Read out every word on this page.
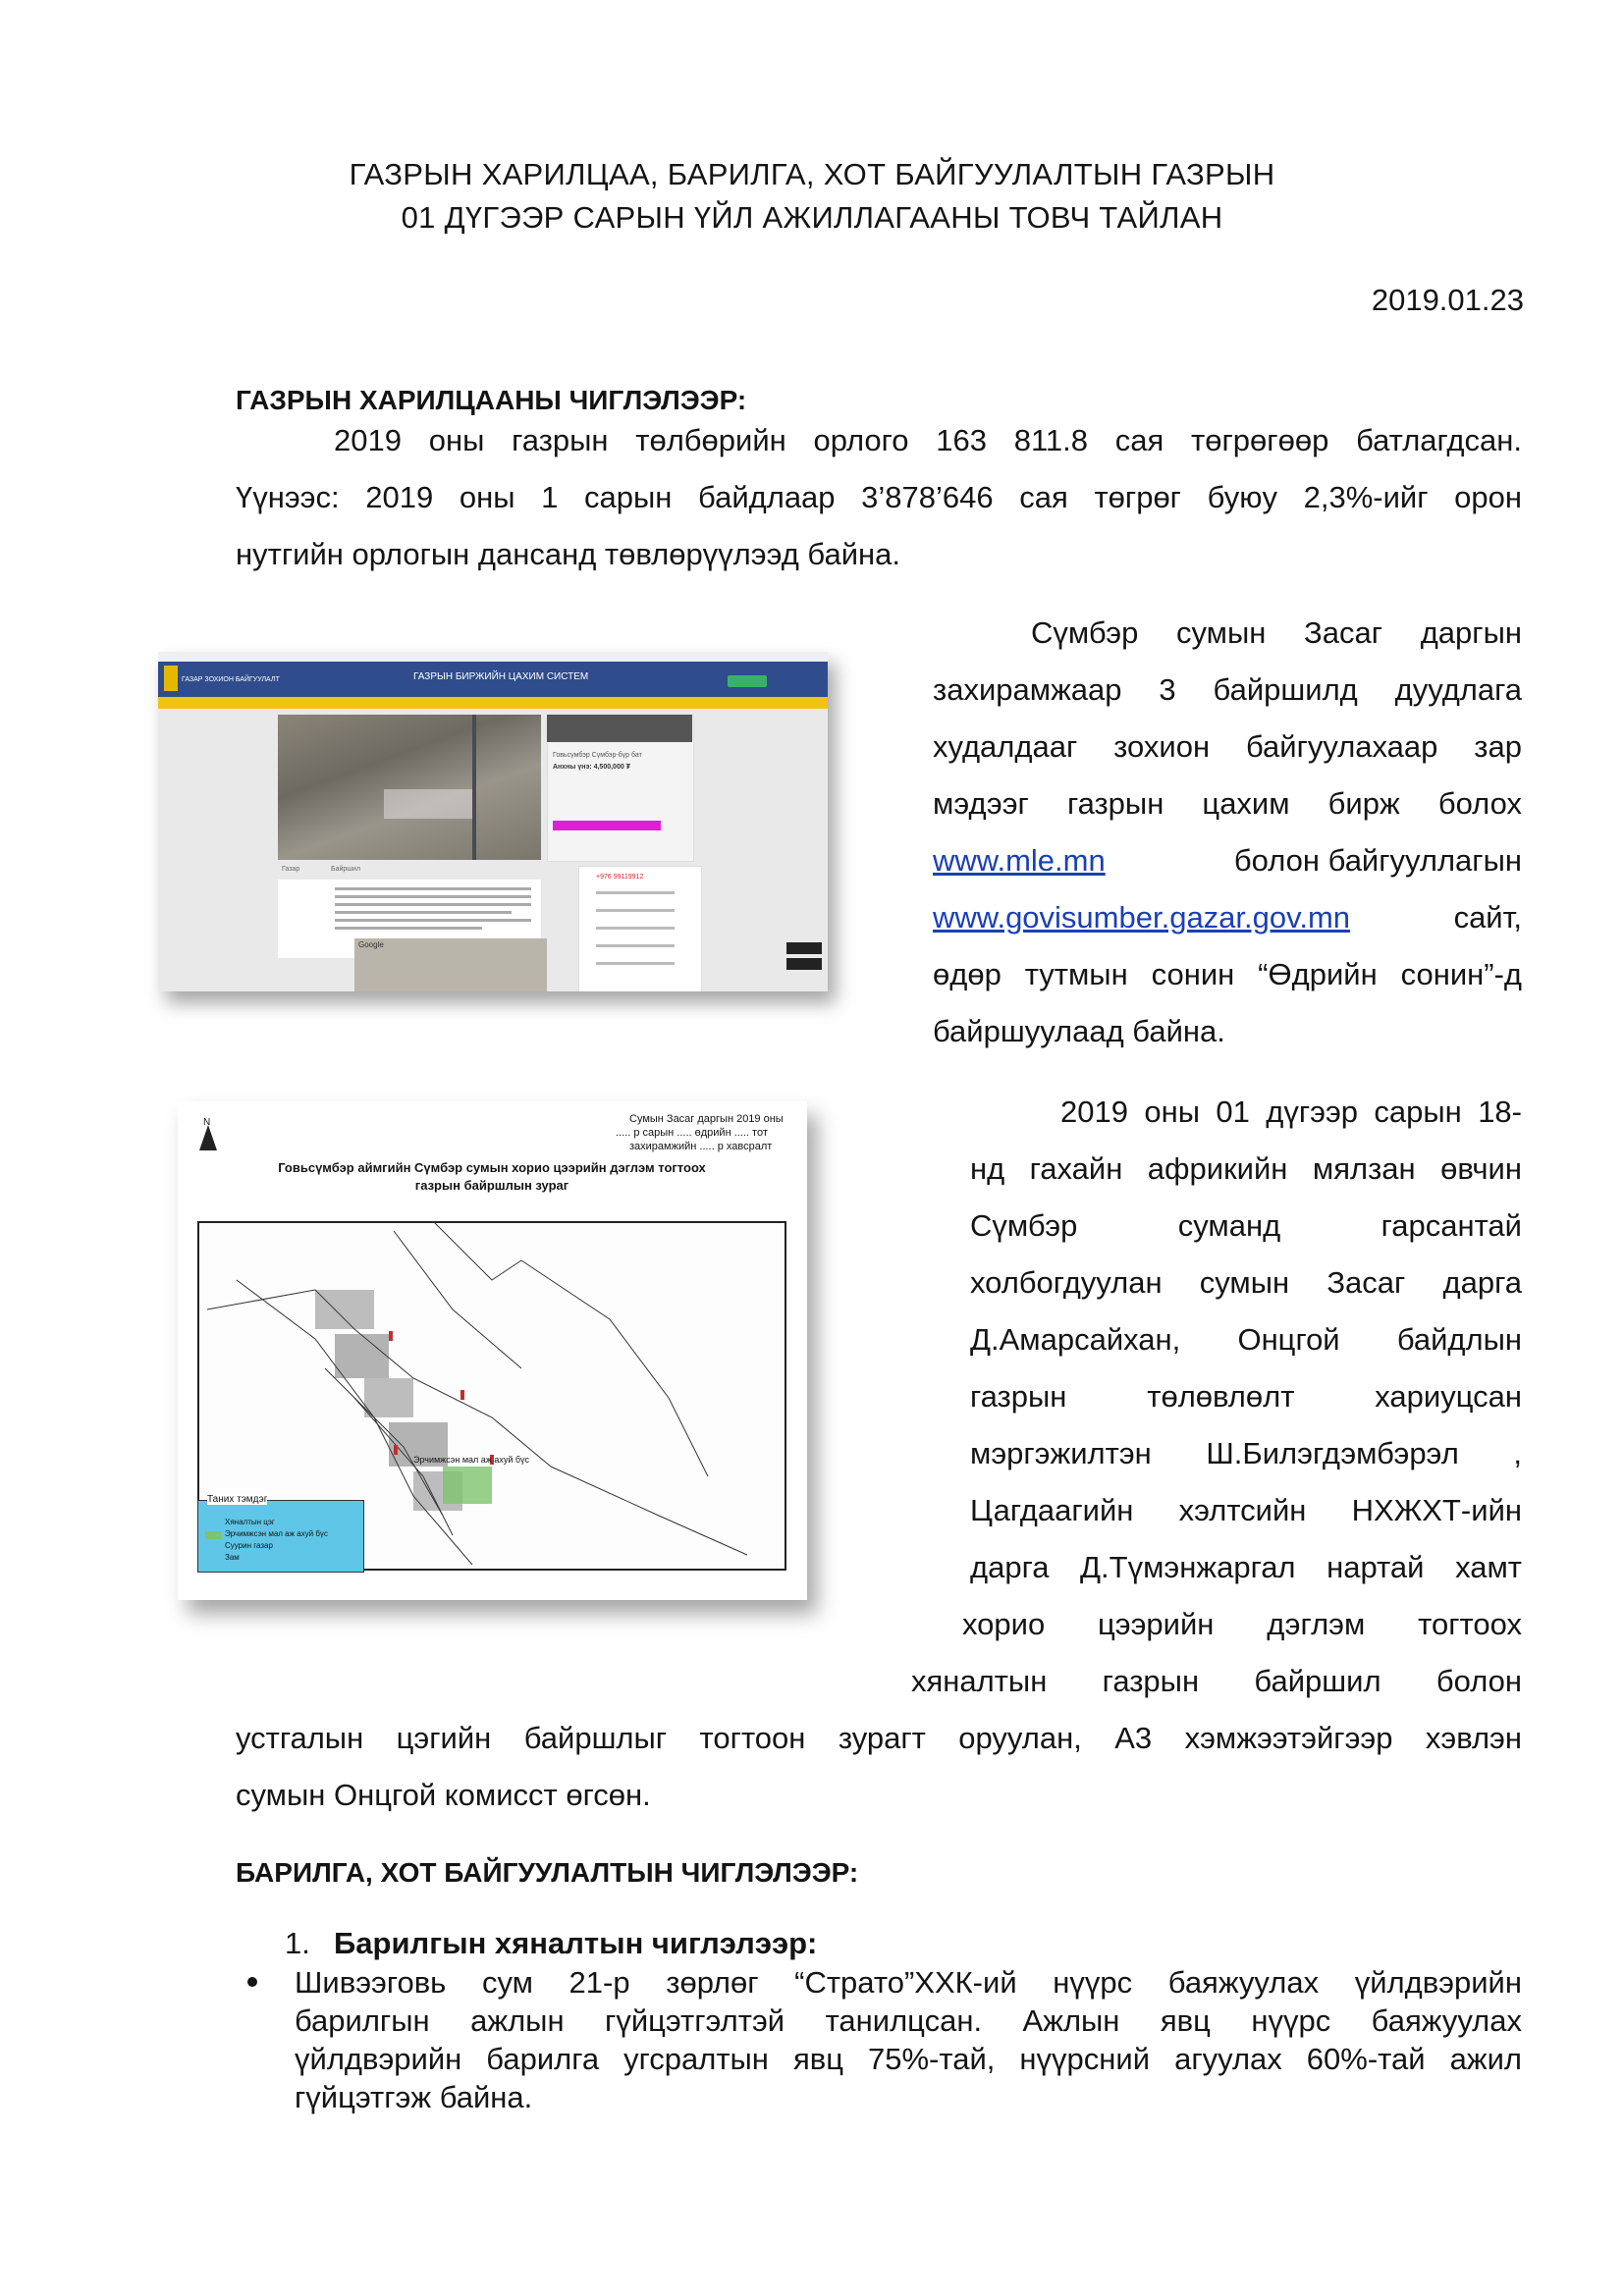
ГАЗРЫН ХАРИЛЦАА, БАРИЛГА, ХОТ БАЙГУУЛАЛТЫН ГАЗРЫН
01 ДҮГЭЭР САРЫН ҮЙЛ АЖИЛЛАГААНЫ ТОВЧ ТАЙЛАН
2019.01.23
ГАЗРЫН ХАРИЛЦААНЫ ЧИГЛЭЛЭЭР:
2019 оны газрын төлбөрийн орлого 163 811.8 сая төгрөгөөр батлагдсан.
Үүнээс: 2019 оны 1 сарын байдлаар 3’878’646 сая төгрөг буюу 2,3%-ийг орон
нутгийн орлогын дансанд төвлөрүүлээд байна.
ГАЗАР ЗОХИОН БАЙГУУЛАЛТ	ГАЗРЫН БИРЖИЙН ЦАХИМ СИСТЕМ
Говьсүмбэр Сүмбэр-бүр бат
Анхны үнэ: 4,500,000 ₮
Газар	Байршил
Google
+976 99119912
Сүмбэр сумын Засаг даргын
захирамжаар 3 байршилд дуудлага
худалдааг зохион байгуулахаар зар
мэдээг газрын цахим бирж болох
www.mle.mn	болон байгууллагын
www.govisumber.gazar.gov.mn	сайт,
өдөр тутмын сонин “Өдрийн сонин”-д
байршуулаад байна.
N	Сумын Засаг даргын 2019 оны
..... р сарын ..... өдрийн ..... тот
захирамжийн ..... р хавсралт
Говьсүмбэр аймгийн Сүмбэр сумын хорио цээрийн дэглэм тогтоох
газрын байршлын зураг
Эрчимжсэн мал аж ахуй бүс
Таних тэмдэг
Хяналтын цэг
Эрчимжсэн мал аж ахуй бүс
Суурин газар
Зам
2019 оны 01 дүгээр сарын 18-
нд гахайн африкийн мялзан өвчин
Сүмбэр суманд гарсантай
холбогдуулан сумын Засаг дарга
Д.Амарсайхан, Онцгой байдлын
газрын төлөвлөлт хариуцсан
мэргэжилтэн Ш.Билэгдэмбэрэл ,
Цагдаагийн хэлтсийн НХЖХТ-ийн
дарга Д.Түмэнжаргал нартай хамт
хорио цээрийн дэглэм тогтоох
хяналтын газрын байршил болон
устгалын цэгийн байршлыг тогтоон зурагт оруулан, А3 хэмжээтэйгээр хэвлэн
сумын Онцгой комисст өгсөн.
БАРИЛГА, ХОТ БАЙГУУЛАЛТЫН ЧИГЛЭЛЭЭР:
1. Барилгын хяналтын чиглэлээр:
Шивээговь сум 21-р зөрлөг “Страто”ХХК-ий нүүрс баяжуулах үйлдвэрийн
барилгын ажлын гүйцэтгэлтэй танилцсан. Ажлын явц нүүрс баяжуулах
үйлдвэрийн барилга угсралтын явц 75%-тай, нүүрсний агуулах 60%-тай ажил
гүйцэтгэж байна.
